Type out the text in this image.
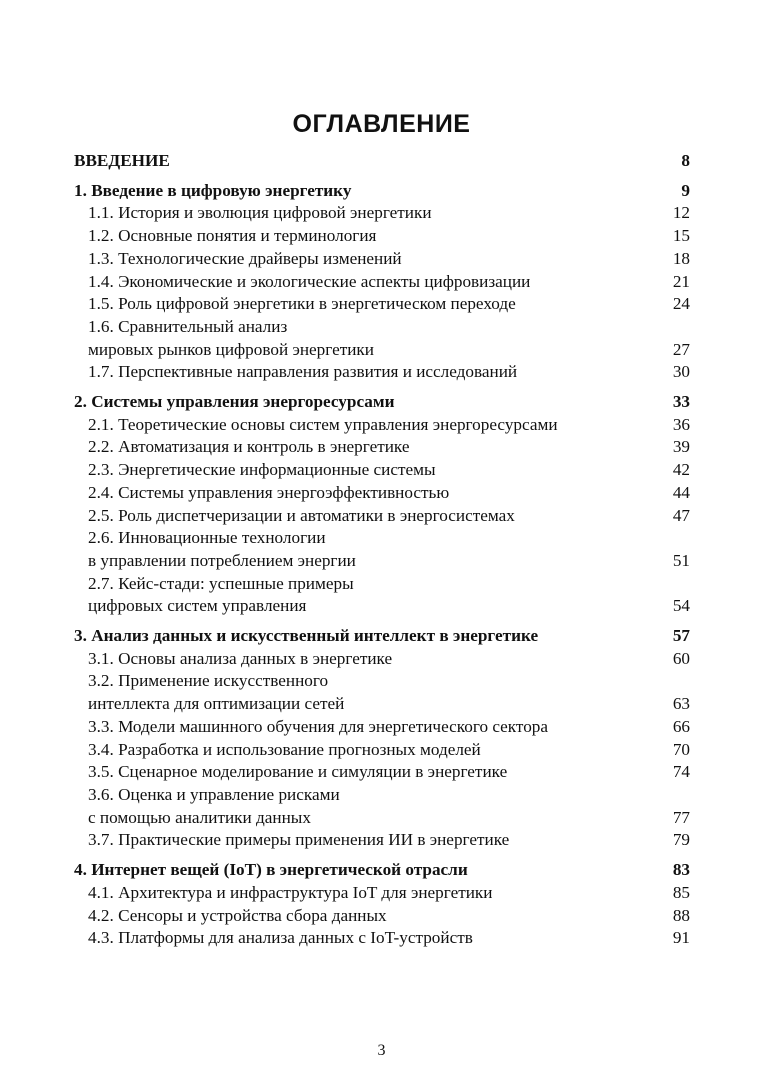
ОГЛАВЛЕНИЕ
ВВЕДЕНИЕ	8
1. Введение в цифровую энергетику	9
1.1. История и эволюция цифровой энергетики	12
1.2. Основные понятия и терминология	15
1.3. Технологические драйверы изменений	18
1.4. Экономические и экологические аспекты цифровизации	21
1.5. Роль цифровой энергетики в энергетическом переходе	24
1.6. Сравнительный анализ
мировых рынков цифровой энергетики	27
1.7. Перспективные направления развития и исследований	30
2. Системы управления энергоресурсами	33
2.1. Теоретические основы систем управления энергоресурсами	36
2.2. Автоматизация и контроль в энергетике	39
2.3. Энергетические информационные системы	42
2.4. Системы управления энергоэффективностью	44
2.5. Роль диспетчеризации и автоматики в энергосистемах	47
2.6. Инновационные технологии
в управлении потреблением энергии	51
2.7. Кейс-стади: успешные примеры
цифровых систем управления	54
3. Анализ данных и искусственный интеллект в энергетике	57
3.1. Основы анализа данных в энергетике	60
3.2. Применение искусственного
интеллекта для оптимизации сетей	63
3.3. Модели машинного обучения для энергетического сектора	66
3.4. Разработка и использование прогнозных моделей	70
3.5. Сценарное моделирование и симуляции в энергетике	74
3.6. Оценка и управление рисками
с помощью аналитики данных	77
3.7. Практические примеры применения ИИ в энергетике	79
4. Интернет вещей (IoT) в энергетической отрасли	83
4.1. Архитектура и инфраструктура IoT для энергетики	85
4.2. Сенсоры и устройства сбора данных	88
4.3. Платформы для анализа данных с IoT-устройств	91
3
